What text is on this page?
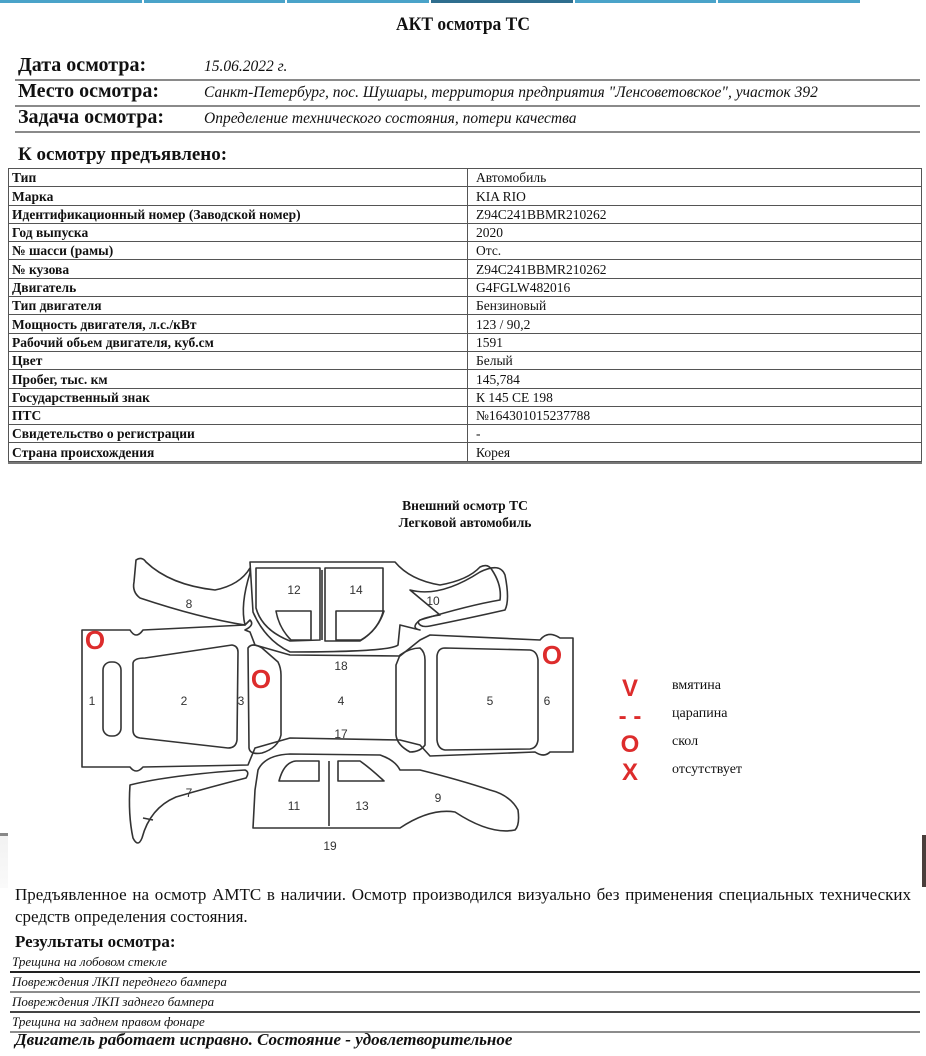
АКТ осмотра ТС
Дата осмотра:	15.06.2022 г.
Место осмотра:	Санкт-Петербург, пос. Шушары, территория предприятия "Ленсоветовское", участок 392
Задача осмотра:	Определение технического состояния, потери качества
К осмотру предъявлено:
Тип	Автомобиль
Марка	KIA RIO
Идентификационный номер (Заводской номер)	Z94C241BBMR210262
Год выпуска	2020
№ шасси (рамы)	Отс.
№ кузова	Z94C241BBMR210262
Двигатель	G4FGLW482016
Тип двигателя	Бензиновый
Мощность двигателя, л.с./кВт	123 / 90,2
Рабочий обьем двигателя, куб.см	1591
Цвет	Белый
Пробег, тыс. км	145,784
Государственный знак	К 145 СЕ 198
ПТС	№164301015237788
Свидетельство о регистрации	-
Страна происхождения	Корея
Внешний осмотр ТС
Легковой автомобиль
1	2	3	4	5	6
7
8
9
10
11
12
13
14
17
18
19
O
O
O
V	вмятина
- -	царапина
O	скол
X	отсутствует
Предъявленное на осмотр АМТС в наличии. Осмотр производился визуально без применения специальных технических средств определения состояния.
Результаты осмотра:
Трещина на лобовом стекле
Повреждения ЛКП переднего бампера
Повреждения ЛКП заднего бампера
Трещина на заднем правом фонаре
Двигатель работает исправно. Состояние - удовлетворительное
